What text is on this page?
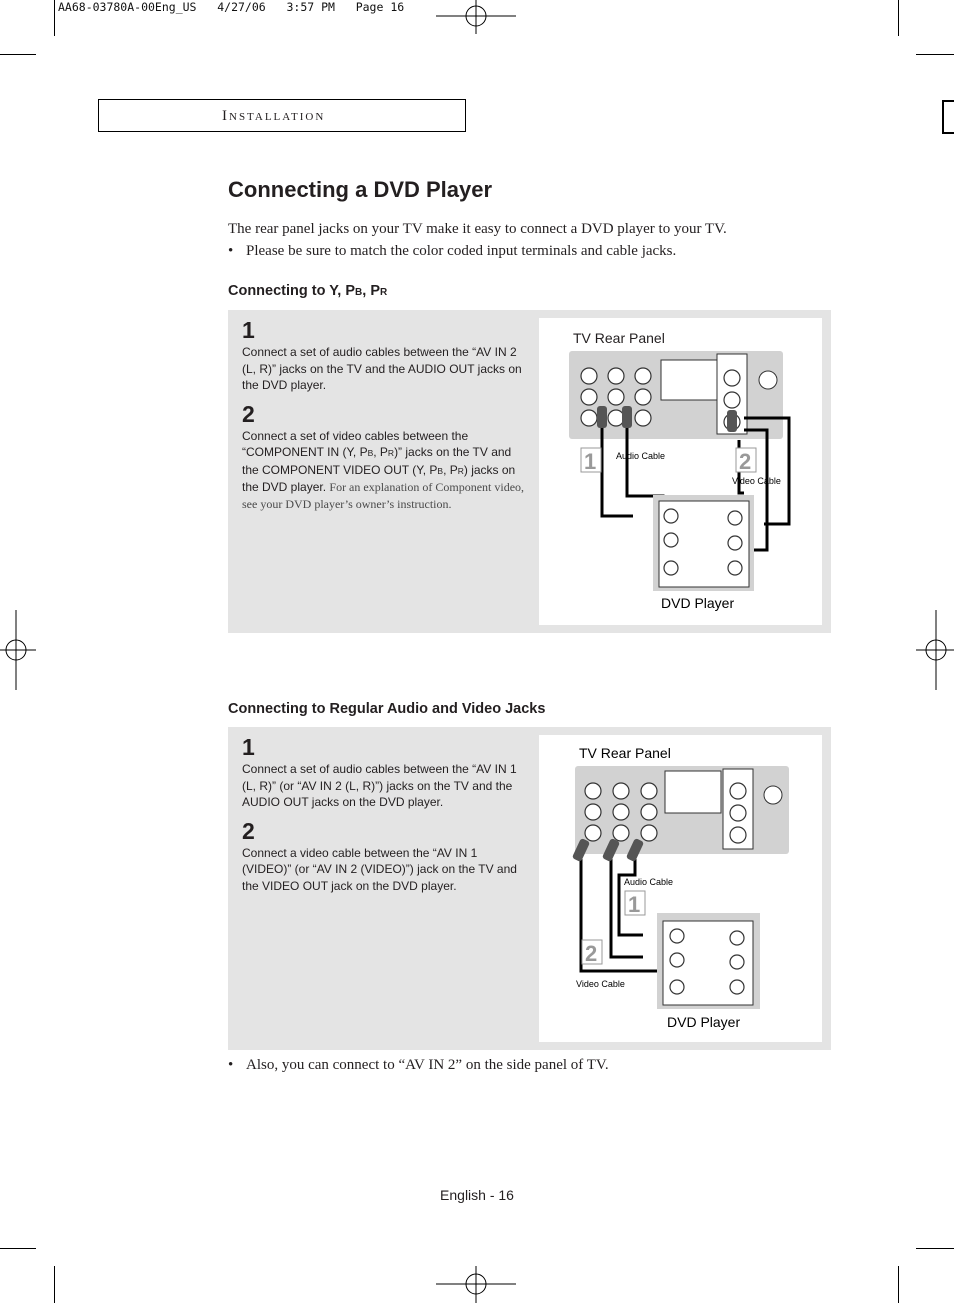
AA68-03780A-00Eng_US   4/27/06   3:57 PM   Page 16
Installation
Connecting a DVD Player
The rear panel jacks on your TV make it easy to connect a DVD player to your TV.
• Please be sure to match the color coded input terminals and cable jacks.
Connecting to Y, PB, PR
1
Connect a set of audio cables between the “AV IN 2 (L, R)” jacks on the TV and the AUDIO OUT jacks on the DVD player.
2
Connect a set of video cables between the “COMPONENT IN (Y, PB, PR)” jacks on the TV and the COMPONENT VIDEO OUT (Y, PB, PR) jacks on the DVD player. For an explanation of Component video, see your DVD player’s owner’s instruction.
TV Rear Panel
1 Audio Cable	2
Video Cable
DVD Player
Connecting to Regular Audio and Video Jacks
1
Connect a set of audio cables between the “AV IN 1 (L, R)” (or “AV IN 2 (L, R)”) jacks on the TV and the AUDIO OUT jacks on the DVD player.
2
Connect a video cable between the “AV IN 1 (VIDEO)” (or “AV IN 2 (VIDEO)”) jack on the TV and the VIDEO OUT jack on the DVD player.
TV Rear Panel
Audio Cable
1
2
Video Cable
DVD Player
• Also, you can connect to “AV IN 2” on the side panel of TV.
English - 16
